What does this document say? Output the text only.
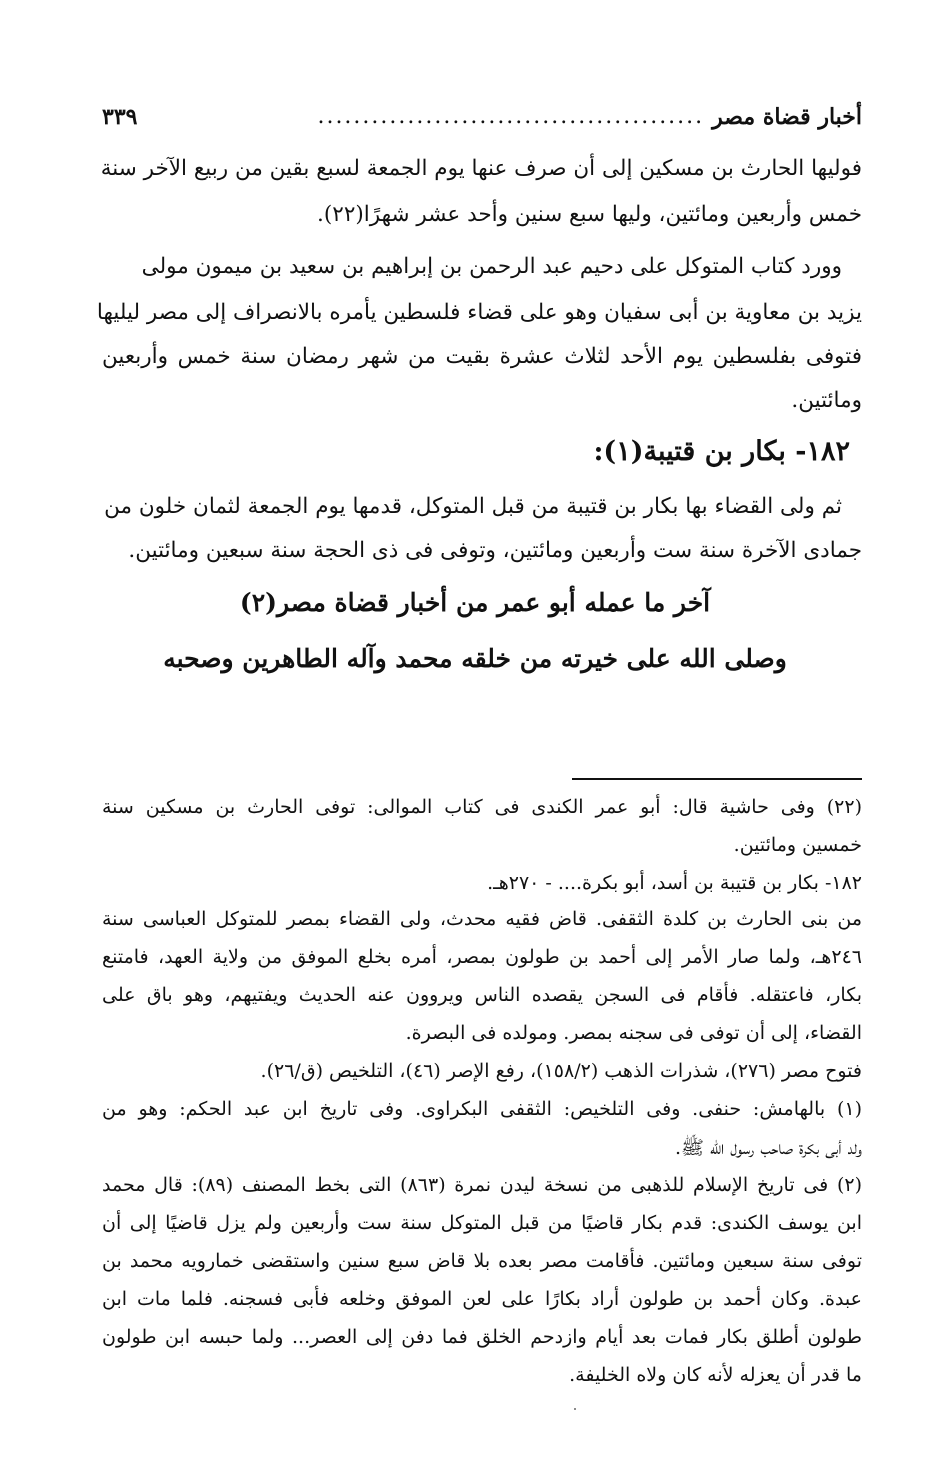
أخبار قضاة مصر
...........................................
٣٣٩
فوليها الحارث بن مسكين إلى أن صرف عنها يوم الجمعة لسبع بقين من ربيع الآخر سنة
خمس وأربعين ومائتين، وليها سبع سنين وأحد عشر شهرًا(٢٢).
وورد كتاب المتوكل على دحيم عبد الرحمن بن إبراهيم بن سعيد بن ميمون مولى
يزيد بن معاوية بن أبى سفيان وهو على قضاء فلسطين يأمره بالانصراف إلى مصر ليليها
فتوفى بفلسطين يوم الأحد لثلاث عشرة بقيت من شهر رمضان سنة خمس وأربعين
ومائتين.
١٨٢- بكار بن قتيبة(١):
ثم ولى القضاء بها بكار بن قتيبة من قبل المتوكل، قدمها يوم الجمعة لثمان خلون من
جمادى الآخرة سنة ست وأربعين ومائتين، وتوفى فى ذى الحجة سنة سبعين ومائتين.
آخر ما عمله أبو عمر من أخبار قضاة مصر(٢)
وصلى الله على خيرته من خلقه محمد وآله الطاهرين وصحبه
(٢٢) وفى حاشية قال: أبو عمر الكندى فى كتاب الموالى: توفى الحارث بن مسكين سنة
خمسين ومائتين.
١٨٢- بكار بن قتيبة بن أسد، أبو بكرة.... - ٢٧٠هـ.
من بنى الحارث بن كلدة الثقفى. قاض فقيه محدث، ولى القضاء بمصر للمتوكل العباسى سنة
٢٤٦هـ، ولما صار الأمر إلى أحمد بن طولون بمصر، أمره بخلع الموفق من ولاية العهد، فامتنع
بكار، فاعتقله. فأقام فى السجن يقصده الناس ويروون عنه الحديث ويفتيهم، وهو باق على
القضاء، إلى أن توفى فى سجنه بمصر. ومولده فى البصرة.
فتوح مصر (٢٧٦)، شذرات الذهب (١٥٨/٢)، رفع الإصر (٤٦)، التلخيص (ق/٢٦).
(١) بالهامش: حنفى. وفى التلخيص: الثقفى البكراوى. وفى تاريخ ابن عبد الحكم: وهو من
ولد أبى بكرة صاحب رسول الله ﷺ.
(٢) فى تاريخ الإسلام للذهبى من نسخة ليدن نمرة (٨٦٣) التى بخط المصنف (٨٩): قال محمد
ابن يوسف الكندى: قدم بكار قاضيًا من قبل المتوكل سنة ست وأربعين ولم يزل قاضيًا إلى أن
توفى سنة سبعين ومائتين. فأقامت مصر بعده بلا قاض سبع سنين واستقضى خمارويه محمد بن
عبدة. وكان أحمد بن طولون أراد بكارًا على لعن الموفق وخلعه فأبى فسجنه. فلما مات ابن
طولون أطلق بكار فمات بعد أيام وازدحم الخلق فما دفن إلى العصر... ولما حبسه ابن طولون
ما قدر أن يعزله لأنه كان ولاه الخليفة.
